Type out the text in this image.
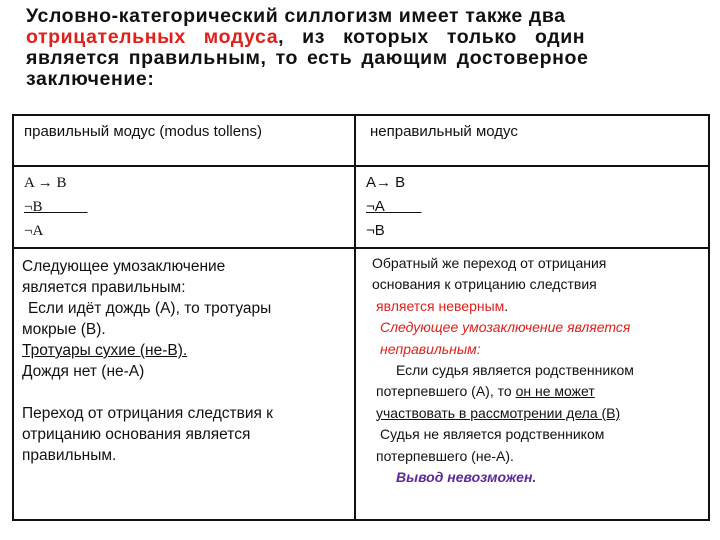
Условно-категорический силлогизм имеет также два
отрицательных модуса, из которых только один
является правильным, то есть дающим достоверное
заключение:
правильный модус (modus tollens)	неправильный модус
A → B
¬B
¬A
A→ B
¬A
¬B
Следующее умозаключение
является правильным:
Если идёт дождь (А), то тротуары
мокрые (В).
Тротуары сухие (не-В).
Дождя нет (не-А)
Переход от отрицания следствия к
отрицанию основания является
правильным.
Обратный же переход от отрицания
основания к отрицанию следствия
является неверным.
Следующее умозаключение является
неправильным:
Если судья является родственником
потерпевшего (А), то он не может
участвовать в рассмотрении дела (В)
Судья не является родственником
потерпевшего (не-А).
Вывод невозможен.
